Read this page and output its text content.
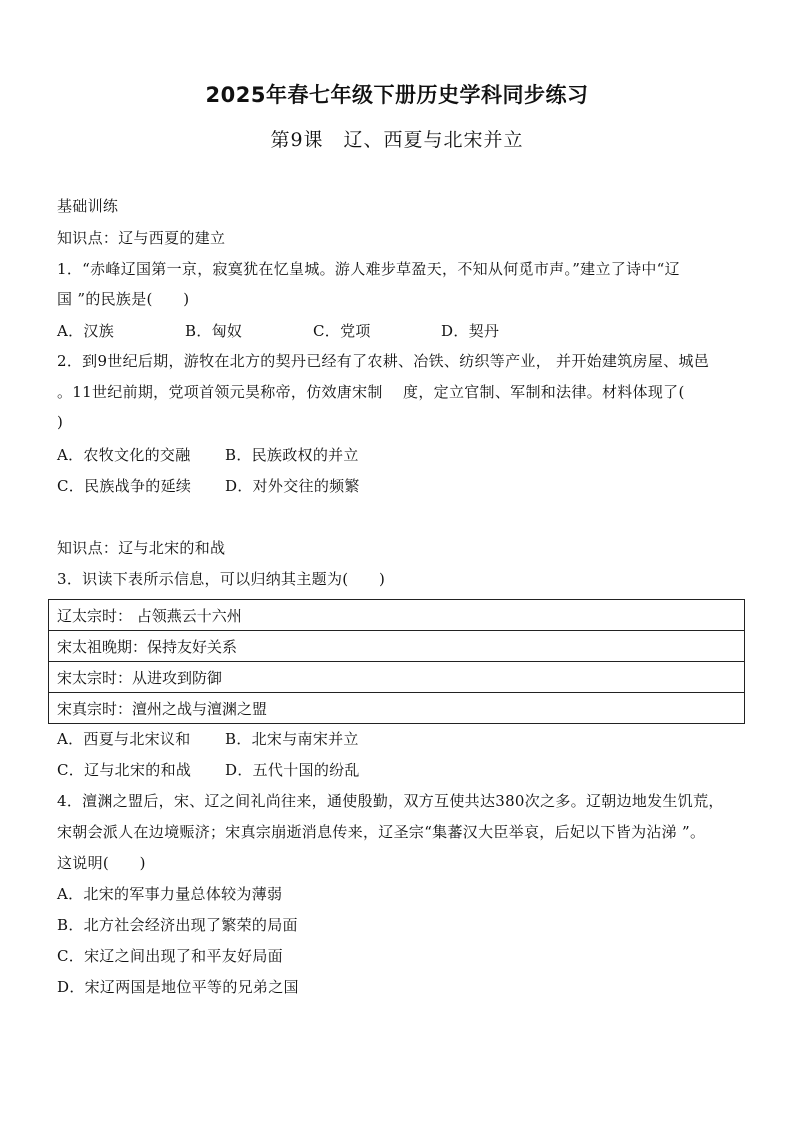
2025年春七年级下册历史学科同步练习
第9课　辽、西夏与北宋并立
基础训练
知识点：辽与西夏的建立
1．“赤峰辽国第一京，寂寞犹在忆皇城。游人难步草盈天，不知从何觅市声。”建立了诗中“辽
国 ”的民族是(　　)
A．汉族	B．匈奴	C．党项	D．契丹
2．到9世纪后期，游牧在北方的契丹已经有了农耕、冶铁、纺织等产业， 并开始建筑房屋、城邑
。11世纪前期，党项首领元昊称帝，仿效唐宋制　 度，定立官制、军制和法律。材料体现了(
)
A．农牧文化的交融 B．民族政权的并立
C．民族战争的延续 D．对外交往的频繁
知识点：辽与北宋的和战
3．识读下表所示信息，可以归纳其主题为(　　)
辽太宗时： 占领燕云十六州
宋太祖晚期：保持友好关系
宋太宗时：从进攻到防御
宋真宗时：澶州之战与澶渊之盟
A．西夏与北宋议和 B．北宋与南宋并立
C．辽与北宋的和战 D．五代十国的纷乱
4．澶渊之盟后，宋、辽之间礼尚往来，通使殷勤，双方互使共达380次之多。辽朝边地发生饥荒，
宋朝会派人在边境赈济；宋真宗崩逝消息传来，辽圣宗“集蕃汉大臣举哀，后妃以下皆为沾涕 ”。
这说明(　　)
A．北宋的军事力量总体较为薄弱
B．北方社会经济出现了繁荣的局面
C．宋辽之间出现了和平友好局面
D．宋辽两国是地位平等的兄弟之国
